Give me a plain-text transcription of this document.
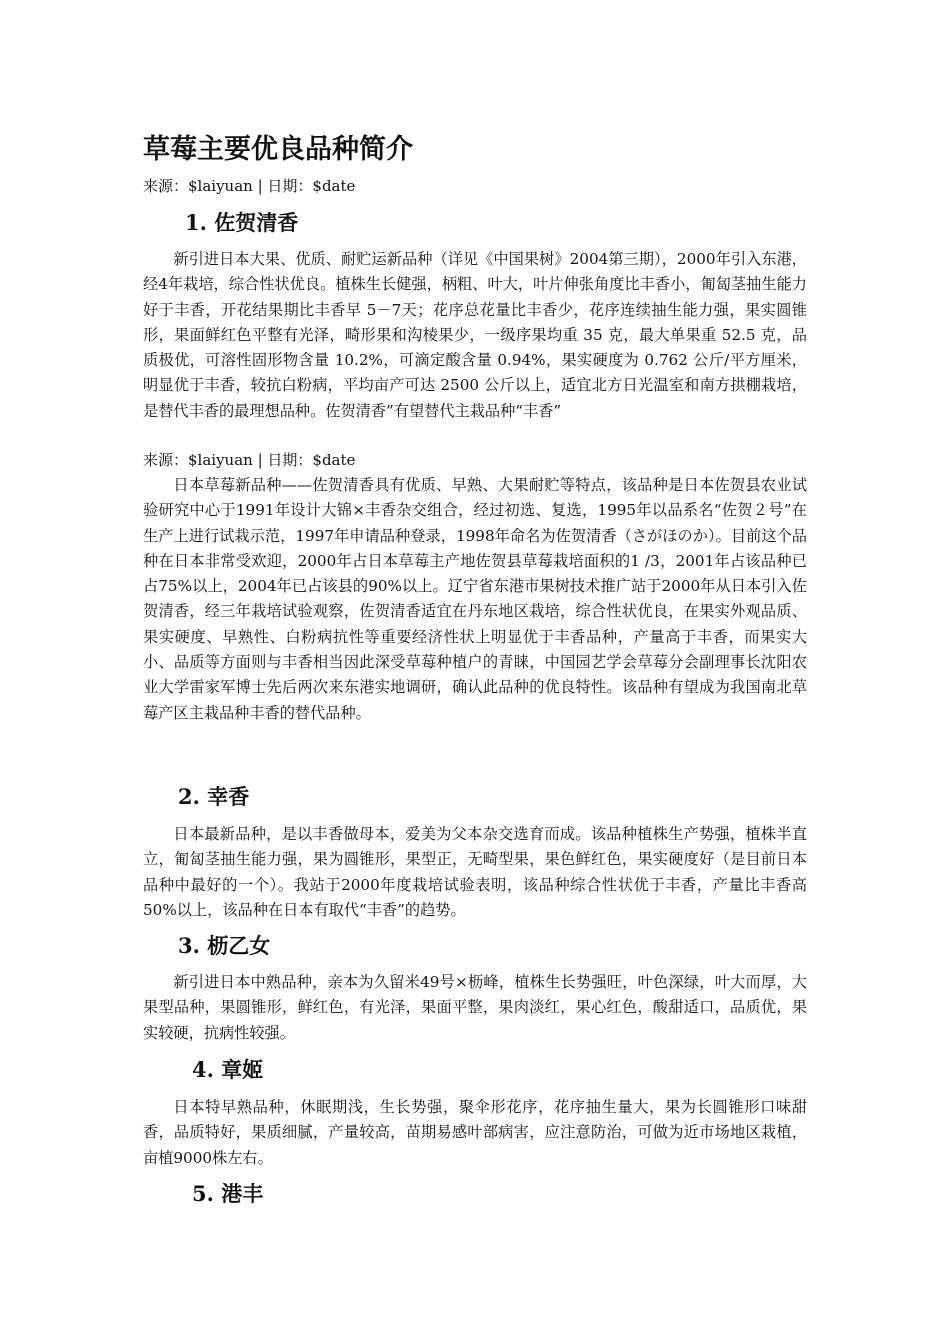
草莓主要优良品种简介

来源：$laiyuan | 日期：$date

1. 佐贺清香

新引进日本大果、优质、耐贮运新品种（详见《中国果树》2004第三期），2000年引入东港，经4年栽培，综合性状优良。植株生长健强，柄粗、叶大，叶片伸张角度比丰香小，匍匐茎抽生能力好于丰香，开花结果期比丰香早 5－7天；花序总花量比丰香少，花序连续抽生能力强，果实圆锥形，果面鲜红色平整有光泽，畸形果和沟棱果少，一级序果均重 35 克，最大单果重 52.5 克，品质极优，可溶性固形物含量 10.2%，可滴定酸含量 0.94%，果实硬度为 0.762 公斤/平方厘米，明显优于丰香，较抗白粉病，平均亩产可达 2500 公斤以上，适宜北方日光温室和南方拱棚栽培，是替代丰香的最理想品种。佐贺清香”有望替代主栽品种“丰香”

来源：$laiyuan | 日期：$date

日本草莓新品种——佐贺清香具有优质、早熟、大果耐贮等特点，该品种是日本佐贺县农业试验研究中心于1991年设计大锦×丰香杂交组合，经过初选、复选，1995年以品系名“佐贺２号”在生产上进行试栽示范，1997年申请品种登录，1998年命名为佐贺清香（さがほのか）。目前这个品种在日本非常受欢迎，2000年占日本草莓主产地佐贺县草莓栽培面积的1 /3，2001年占该品种已占75%以上，2004年已占该县的90%以上。辽宁省东港市果树技术推广站于2000年从日本引入佐贺清香，经三年栽培试验观察，佐贺清香适宜在丹东地区栽培，综合性状优良，在果实外观品质、果实硬度、早熟性、白粉病抗性等重要经济性状上明显优于丰香品种，产量高于丰香，而果实大小、品质等方面则与丰香相当因此深受草莓种植户的青睐，中国园艺学会草莓分会副理事长沈阳农业大学雷家军博士先后两次来东港实地调研，确认此品种的优良特性。该品种有望成为我国南北草莓产区主栽品种丰香的替代品种。

2. 幸香

日本最新品种，是以丰香做母本，爱美为父本杂交选育而成。该品种植株生产势强，植株半直立，匍匐茎抽生能力强，果为圆锥形，果型正，无畸型果，果色鲜红色，果实硬度好（是目前日本品种中最好的一个）。我站于2000年度栽培试验表明，该品种综合性状优于丰香，产量比丰香高50%以上，该品种在日本有取代“丰香”的趋势。

3. 枥乙女

新引进日本中熟品种，亲本为久留米49号×枥峰，植株生长势强旺，叶色深绿，叶大而厚，大果型品种，果圆锥形，鲜红色，有光泽，果面平整，果肉淡红，果心红色，酸甜适口，品质优，果实较硬，抗病性较强。

4. 章姬

日本特早熟品种，休眠期浅，生长势强，聚伞形花序，花序抽生量大，果为长圆锥形口味甜香，品质特好，果质细腻，产量较高，苗期易感叶部病害，应注意防治，可做为近市场地区栽植，亩植9000株左右。

5. 港丰
